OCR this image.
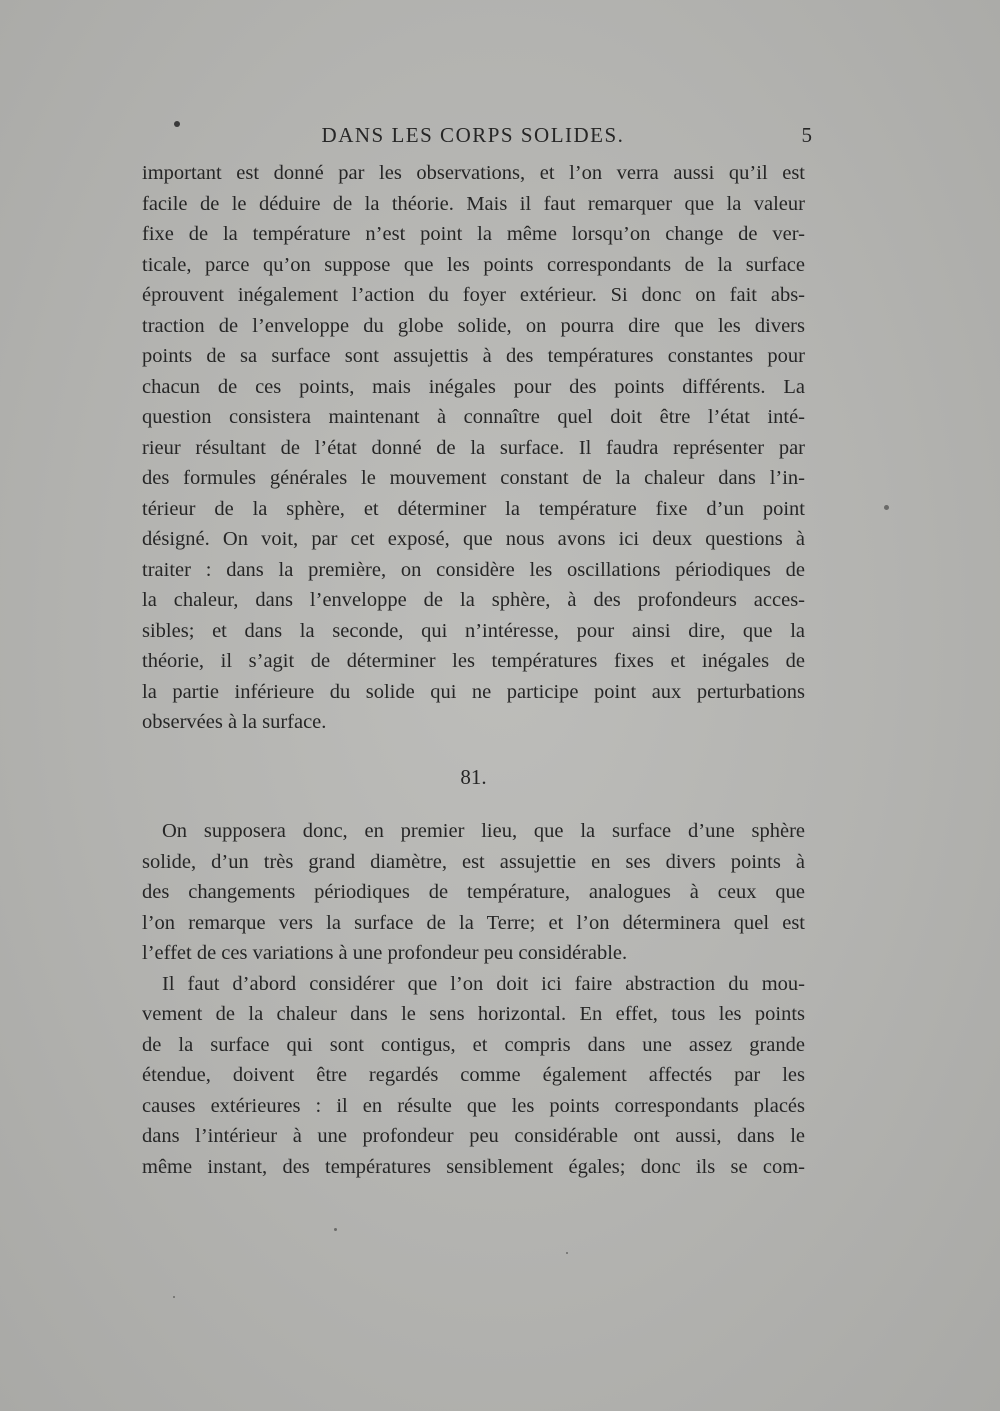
DANS LES CORPS SOLIDES.	5
important est donné par les observations, et l’on verra aussi qu’il est
facile de le déduire de la théorie. Mais il faut remarquer que la valeur
fixe de la température n’est point la même lorsqu’on change de ver-
ticale, parce qu’on suppose que les points correspondants de la surface
éprouvent inégalement l’action du foyer extérieur. Si donc on fait abs-
traction de l’enveloppe du globe solide, on pourra dire que les divers
points de sa surface sont assujettis à des températures constantes pour
chacun de ces points, mais inégales pour des points différents. La
question consistera maintenant à connaître quel doit être l’état inté-
rieur résultant de l’état donné de la surface. Il faudra représenter par
des formules générales le mouvement constant de la chaleur dans l’in-
térieur de la sphère, et déterminer la température fixe d’un point
désigné. On voit, par cet exposé, que nous avons ici deux questions à
traiter : dans la première, on considère les oscillations périodiques de
la chaleur, dans l’enveloppe de la sphère, à des profondeurs acces-
sibles; et dans la seconde, qui n’intéresse, pour ainsi dire, que la
théorie, il s’agit de déterminer les températures fixes et inégales de
la partie inférieure du solide qui ne participe point aux perturbations
observées à la surface.
81.
On supposera donc, en premier lieu, que la surface d’une sphère
solide, d’un très grand diamètre, est assujettie en ses divers points à
des changements périodiques de température, analogues à ceux que
l’on remarque vers la surface de la Terre; et l’on déterminera quel est
l’effet de ces variations à une profondeur peu considérable.
Il faut d’abord considérer que l’on doit ici faire abstraction du mou-
vement de la chaleur dans le sens horizontal. En effet, tous les points
de la surface qui sont contigus, et compris dans une assez grande
étendue, doivent être regardés comme également affectés par les
causes extérieures : il en résulte que les points correspondants placés
dans l’intérieur à une profondeur peu considérable ont aussi, dans le
même instant, des températures sensiblement égales; donc ils se com-
